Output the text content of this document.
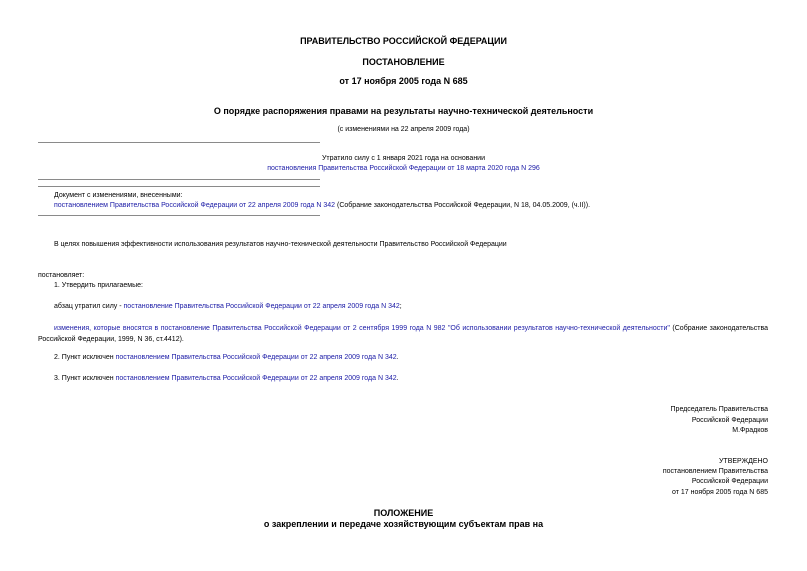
ПРАВИТЕЛЬСТВО РОССИЙСКОЙ ФЕДЕРАЦИИ
ПОСТАНОВЛЕНИЕ
от 17 ноября 2005 года N 685
О порядке распоряжения правами на результаты научно-технической деятельности
(с изменениями на 22 апреля 2009 года)
Утратило силу с 1 января 2021 года на основании
постановления Правительства Российской Федерации от 18 марта 2020 года N 296
Документ с изменениями, внесенными:
постановлением Правительства Российской Федерации от 22 апреля 2009 года N 342 (Собрание законодательства Российской Федерации, N 18, 04.05.2009, (ч.II)).
В целях повышения эффективности использования результатов научно-технической деятельности Правительство Российской Федерации
постановляет:
1. Утвердить прилагаемые:
абзац утратил силу - постановление Правительства Российской Федерации от 22 апреля 2009 года N 342;
изменения, которые вносятся в постановление Правительства Российской Федерации от 2 сентября 1999 года N 982 "Об использовании результатов научно-технической деятельности" (Собрание законодательства Российской Федерации, 1999, N 36, ст.4412).
2. Пункт исключен постановлением Правительства Российской Федерации от 22 апреля 2009 года N 342.
3. Пункт исключен постановлением Правительства Российской Федерации от 22 апреля 2009 года N 342.
Председатель Правительства
Российской Федерации
М.Фрадков
УТВЕРЖДЕНО
постановлением Правительства
Российской Федерации
от 17 ноября 2005 года N 685
ПОЛОЖЕНИЕ
о закреплении и передаче хозяйствующим субъектам прав на
